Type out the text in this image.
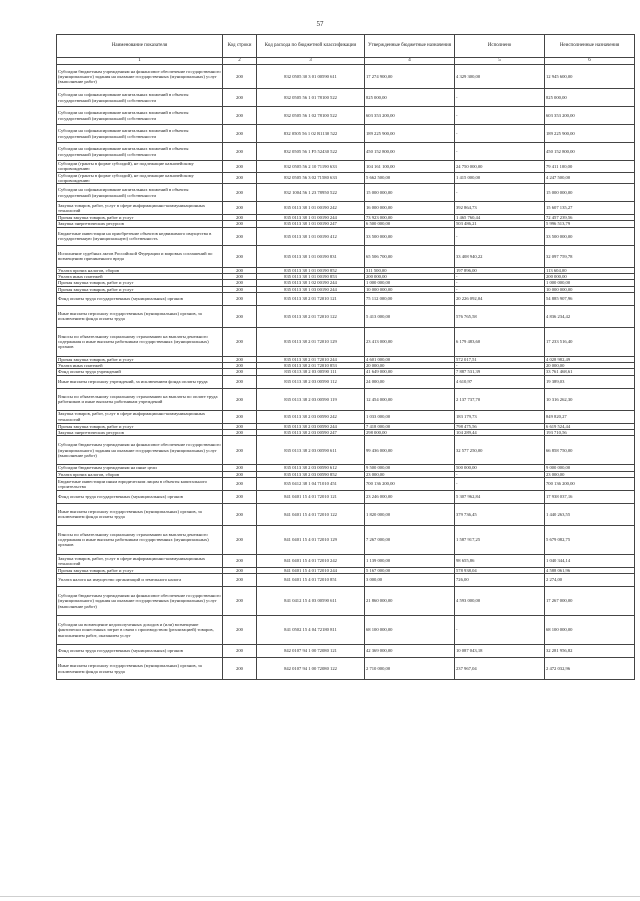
57
Наименование показателя	Код строки	Код расхода по бюджетной классификации	Утвержденные бюджетные назначения	Исполнено	Неисполненные назначения
1	2	3	4	5	6
Субсидии бюджетным учреждениям на финансовое обеспечение государственного (муниципального) задания на оказание государственных (муниципальных) услуг (выполнение работ)	200	832 0505 30 3 01 00590 611	17 274 900,00	4 329 300,00	12 945 600,00
Субсидии на софинансирование капитальных вложений в объекты государственной (муниципальной) собственности	200	832 0505 56 1 01 78100 522	825 000,00	-	825 000,00
Субсидии на софинансирование капитальных вложений в объекты государственной (муниципальной) собственности	200	832 0505 56 1 02 78100 522	603 353 200,00	-	603 353 200,00
Субсидии на софинансирование капитальных вложений в объекты государственной (муниципальной) собственности	200	832 0505 56 1 02 R1130 522	189 225 900,00	-	189 225 900,00
Субсидии на софинансирование капитальных вложений в объекты государственной (муниципальной) собственности	200	832 0505 56 1 F5 52430 522	450 152 800,00	-	450 152 800,00
Субсидии (гранты в форме субсидий), не подлежащие казначейскому сопровождению	200	832 0505 56 2 10 71190 633	104 161 100,00	24 750 000,00	79 411 100,00
Субсидии (гранты в форме субсидий), не подлежащие казначейскому сопровождению	200	832 0505 56 3 02 71580 633	5 662 500,00	1 415 000,00	4 247 500,00
Субсидии на софинансирование капитальных вложений в объекты государственной (муниципальной) собственности	200	832 1004 56 1 23 78950 522	15 000 000,00	-	15 000 000,00
Закупка товаров, работ, услуг в сфере информационно-коммуникационных технологий	200	835 0113 38 1 01 00190 242	16 000 000,00	392 864,73	15 607 135,27
Прочая закупка товаров, работ и услуг	200	835 0113 38 1 01 00190 244	73 923 000,00	1 465 760,44	72 457 239,56
Закупка энергетических ресурсов	200	835 0113 38 1 01 00190 247	6 500 000,00	503 486,21	5 996 513,79
Бюджетные инвестиции на приобретение объектов недвижимого имущества в государственную (муниципальную) собственность	200	835 0113 38 1 01 00190 412	33 500 000,00	-	33 500 000,00
Исполнение судебных актов Российской Федерации и мировых соглашений по возмещению причиненного вреда	200	835 0113 38 1 01 00190 831	65 506 700,00	33 408 940,22	32 097 759,78
Уплата прочих налогов, сборов	200	835 0113 38 1 01 00190 852	311 500,00	197 896,00	113 604,00
Уплата иных платежей	200	835 0113 38 1 01 00190 853	200 000,00	-	200 000,00
Прочая закупка товаров, работ и услуг	200	835 0113 38 1 02 00190 244	1 000 000,00	-	1 000 000,00
Прочая закупка товаров, работ и услуг	200	835 0113 38 1 03 00190 244	10 000 000,00	-	10 000 000,00
Фонд оплаты труда государственных (муниципальных) органов	200	835 0113 38 2 01 72010 121	75 112 000,00	20 226 092,04	54 885 907,96
Иные выплаты персоналу государственных (муниципальных) органов, за исключением фонда оплаты труда	200	835 0113 38 2 01 72010 122	5 413 000,00	576 765,58	4 836 234,42
Взносы по обязательному социальному страхованию на выплаты денежного содержания и иные выплаты работникам государственных (муниципальных) органов	200	835 0113 38 2 01 72010 129	23 413 000,00	6 179 483,60	17 233 516,40
Прочая закупка товаров, работ и услуг	200	835 0113 38 2 01 72010 244	4 601 000,00	572 017,51	4 028 982,49
Уплата иных платежей	200	835 0113 38 2 01 72010 853	20 000,00	-	20 000,00
Фонд оплаты труда учреждений	200	835 0113 38 2 03 00590 111	41 649 000,00	7 887 531,39	33 761 468,61
Иные выплаты персоналу учреждений, за исключением фонда оплаты труда	200	835 0113 38 2 03 00590 112	24 000,00	4 610,97	19 389,03
Взносы по обязательному социальному страхованию на выплаты по оплате труда работников и иные выплаты работникам учреждений	200	835 0113 38 2 03 00590 119	12 454 000,00	2 137 737,70	10 316 262,30
Закупка товаров, работ, услуг в сфере информационно-коммуникационных технологий	200	835 0113 38 2 03 00590 242	1 033 000,00	183 179,73	849 820,27
Прочая закупка товаров, работ и услуг	200	835 0113 38 2 03 00590 244	7 418 000,00	798 475,56	6 619 524,44
Закупка энергетических ресурсов	200	835 0113 38 2 03 00590 247	298 000,00	104 289,44	193 710,56
Субсидии бюджетным учреждениям на финансовое обеспечение государственного (муниципального) задания на оказание государственных (муниципальных) услуг (выполнение работ)	200	835 0113 38 2 03 00590 611	99 436 000,00	32 577 250,00	66 858 750,00
Субсидии бюджетным учреждениям на иные цели	200	835 0113 38 2 03 00590 612	9 500 000,00	500 000,00	9 000 000,00
Уплата прочих налогов, сборов	200	835 0113 38 2 03 00590 852	23 000,00	-	23 000,00
Бюджетные инвестиции иным юридическим лицам в объекты капитального строительства	200	835 0412 38 1 04 71010 451	700 136 200,00	-	700 136 200,00
Фонд оплаты труда государственных (муниципальных) органов	200	841 0401 15 4 01 72010 121	23 246 000,00	5 307 962,84	17 938 037,16
Иные выплаты персоналу государственных (муниципальных) органов, за исключением фонда оплаты труда	200	841 0401 15 4 01 72010 122	1 820 000,00	379 736,45	1 440 263,55
Взносы по обязательному социальному страхованию на выплаты денежного содержания и иные выплаты работникам государственных (муниципальных) органов	200	841 0401 15 4 01 72010 129	7 267 000,00	1 587 917,25	5 679 082,75
Закупка товаров, работ, услуг в сфере информационно-коммуникационных технологий	200	841 0401 15 4 01 72010 242	1 139 000,00	98 655,86	1 040 344,14
Прочая закупка товаров, работ и услуг	200	841 0401 15 4 01 72010 244	5 167 000,00	578 938,04	4 588 061,96
Уплата налога на имущество организаций и земельного налога	200	841 0401 15 4 01 72010 851	3 000,00	726,00	2 274,00
Субсидии бюджетным учреждениям на финансовое обеспечение государственного (муниципального) задания на оказание государственных (муниципальных) услуг (выполнение работ)	200	841 0412 15 4 03 00590 611	21 860 000,00	4 593 000,00	17 267 000,00
Субсидии на возмещение недополученных доходов и (или) возмещение фактически понесенных затрат в связи с производством (реализацией) товаров, выполнением работ, оказанием услуг	200	841 0502 15 4 04 72180 811	68 100 000,00	-	68 100 000,00
Фонд оплаты труда государственных (муниципальных) органов	200	842 0107 94 1 00 72080 121	42 369 000,00	10 087 043,18	32 281 956,82
Иные выплаты персоналу государственных (муниципальных) органов, за исключением фонда оплаты труда	200	842 0107 94 1 00 72080 122	2 710 000,00	237 967,04	2 472 032,96
